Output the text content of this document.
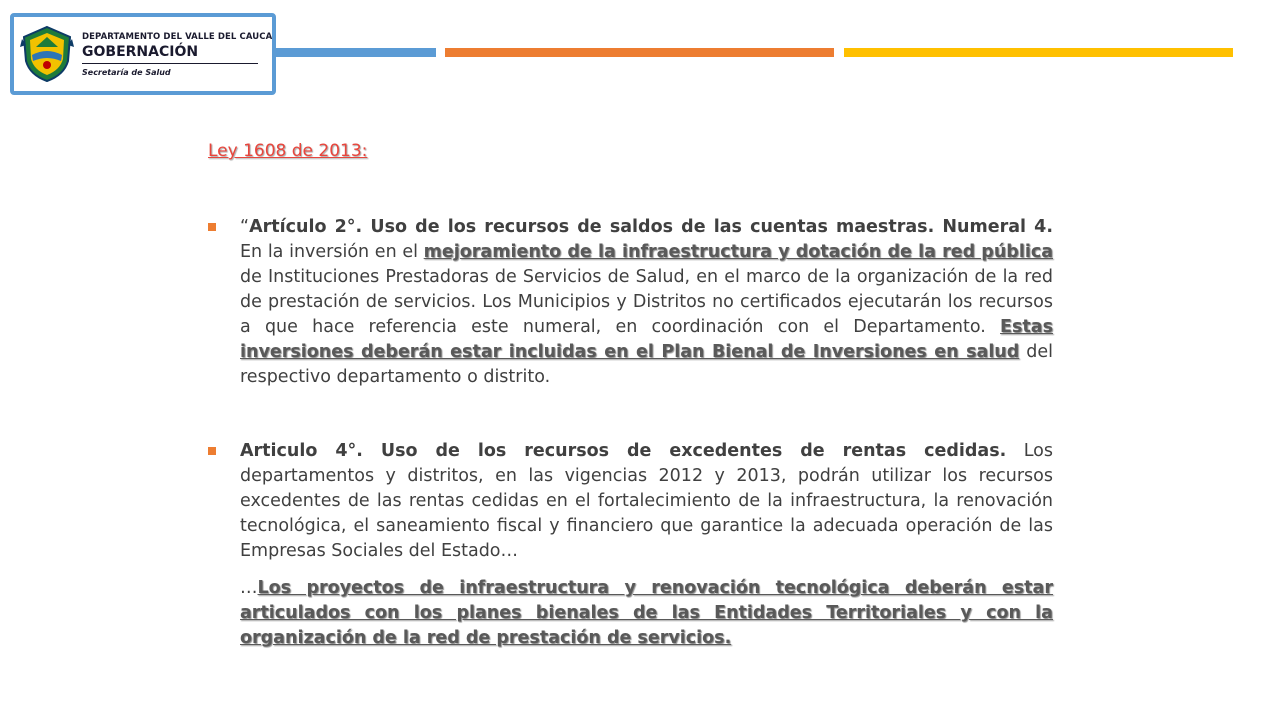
DEPARTAMENTO DEL VALLE DEL CAUCA
GOBERNACIÓN
Secretaría de Salud
Ley 1608 de 2013:
“Artículo 2°. Uso de los recursos de saldos de las cuentas maestras. Numeral 4. En la inversión en el mejoramiento de la infraestructura y dotación de la red pública de Instituciones Prestadoras de Servicios de Salud, en el marco de la organización de la red de prestación de servicios. Los Municipios y Distritos no certificados ejecutarán los recursos a que hace referencia este numeral, en coordinación con el Departamento. Estas inversiones deberán estar incluidas en el Plan Bienal de Inversiones en salud del respectivo departamento o distrito.
Articulo 4°. Uso de los recursos de excedentes de rentas cedidas. Los departamentos y distritos, en las vigencias 2012 y 2013, podrán utilizar los recursos excedentes de las rentas cedidas en el fortalecimiento de la infraestructura, la renovación tecnológica, el saneamiento fiscal y financiero que garantice la adecuada operación de las Empresas Sociales del Estado…
…Los proyectos de infraestructura y renovación tecnológica deberán estar articulados con los planes bienales de las Entidades Territoriales y con la organización de la red de prestación de servicios.
